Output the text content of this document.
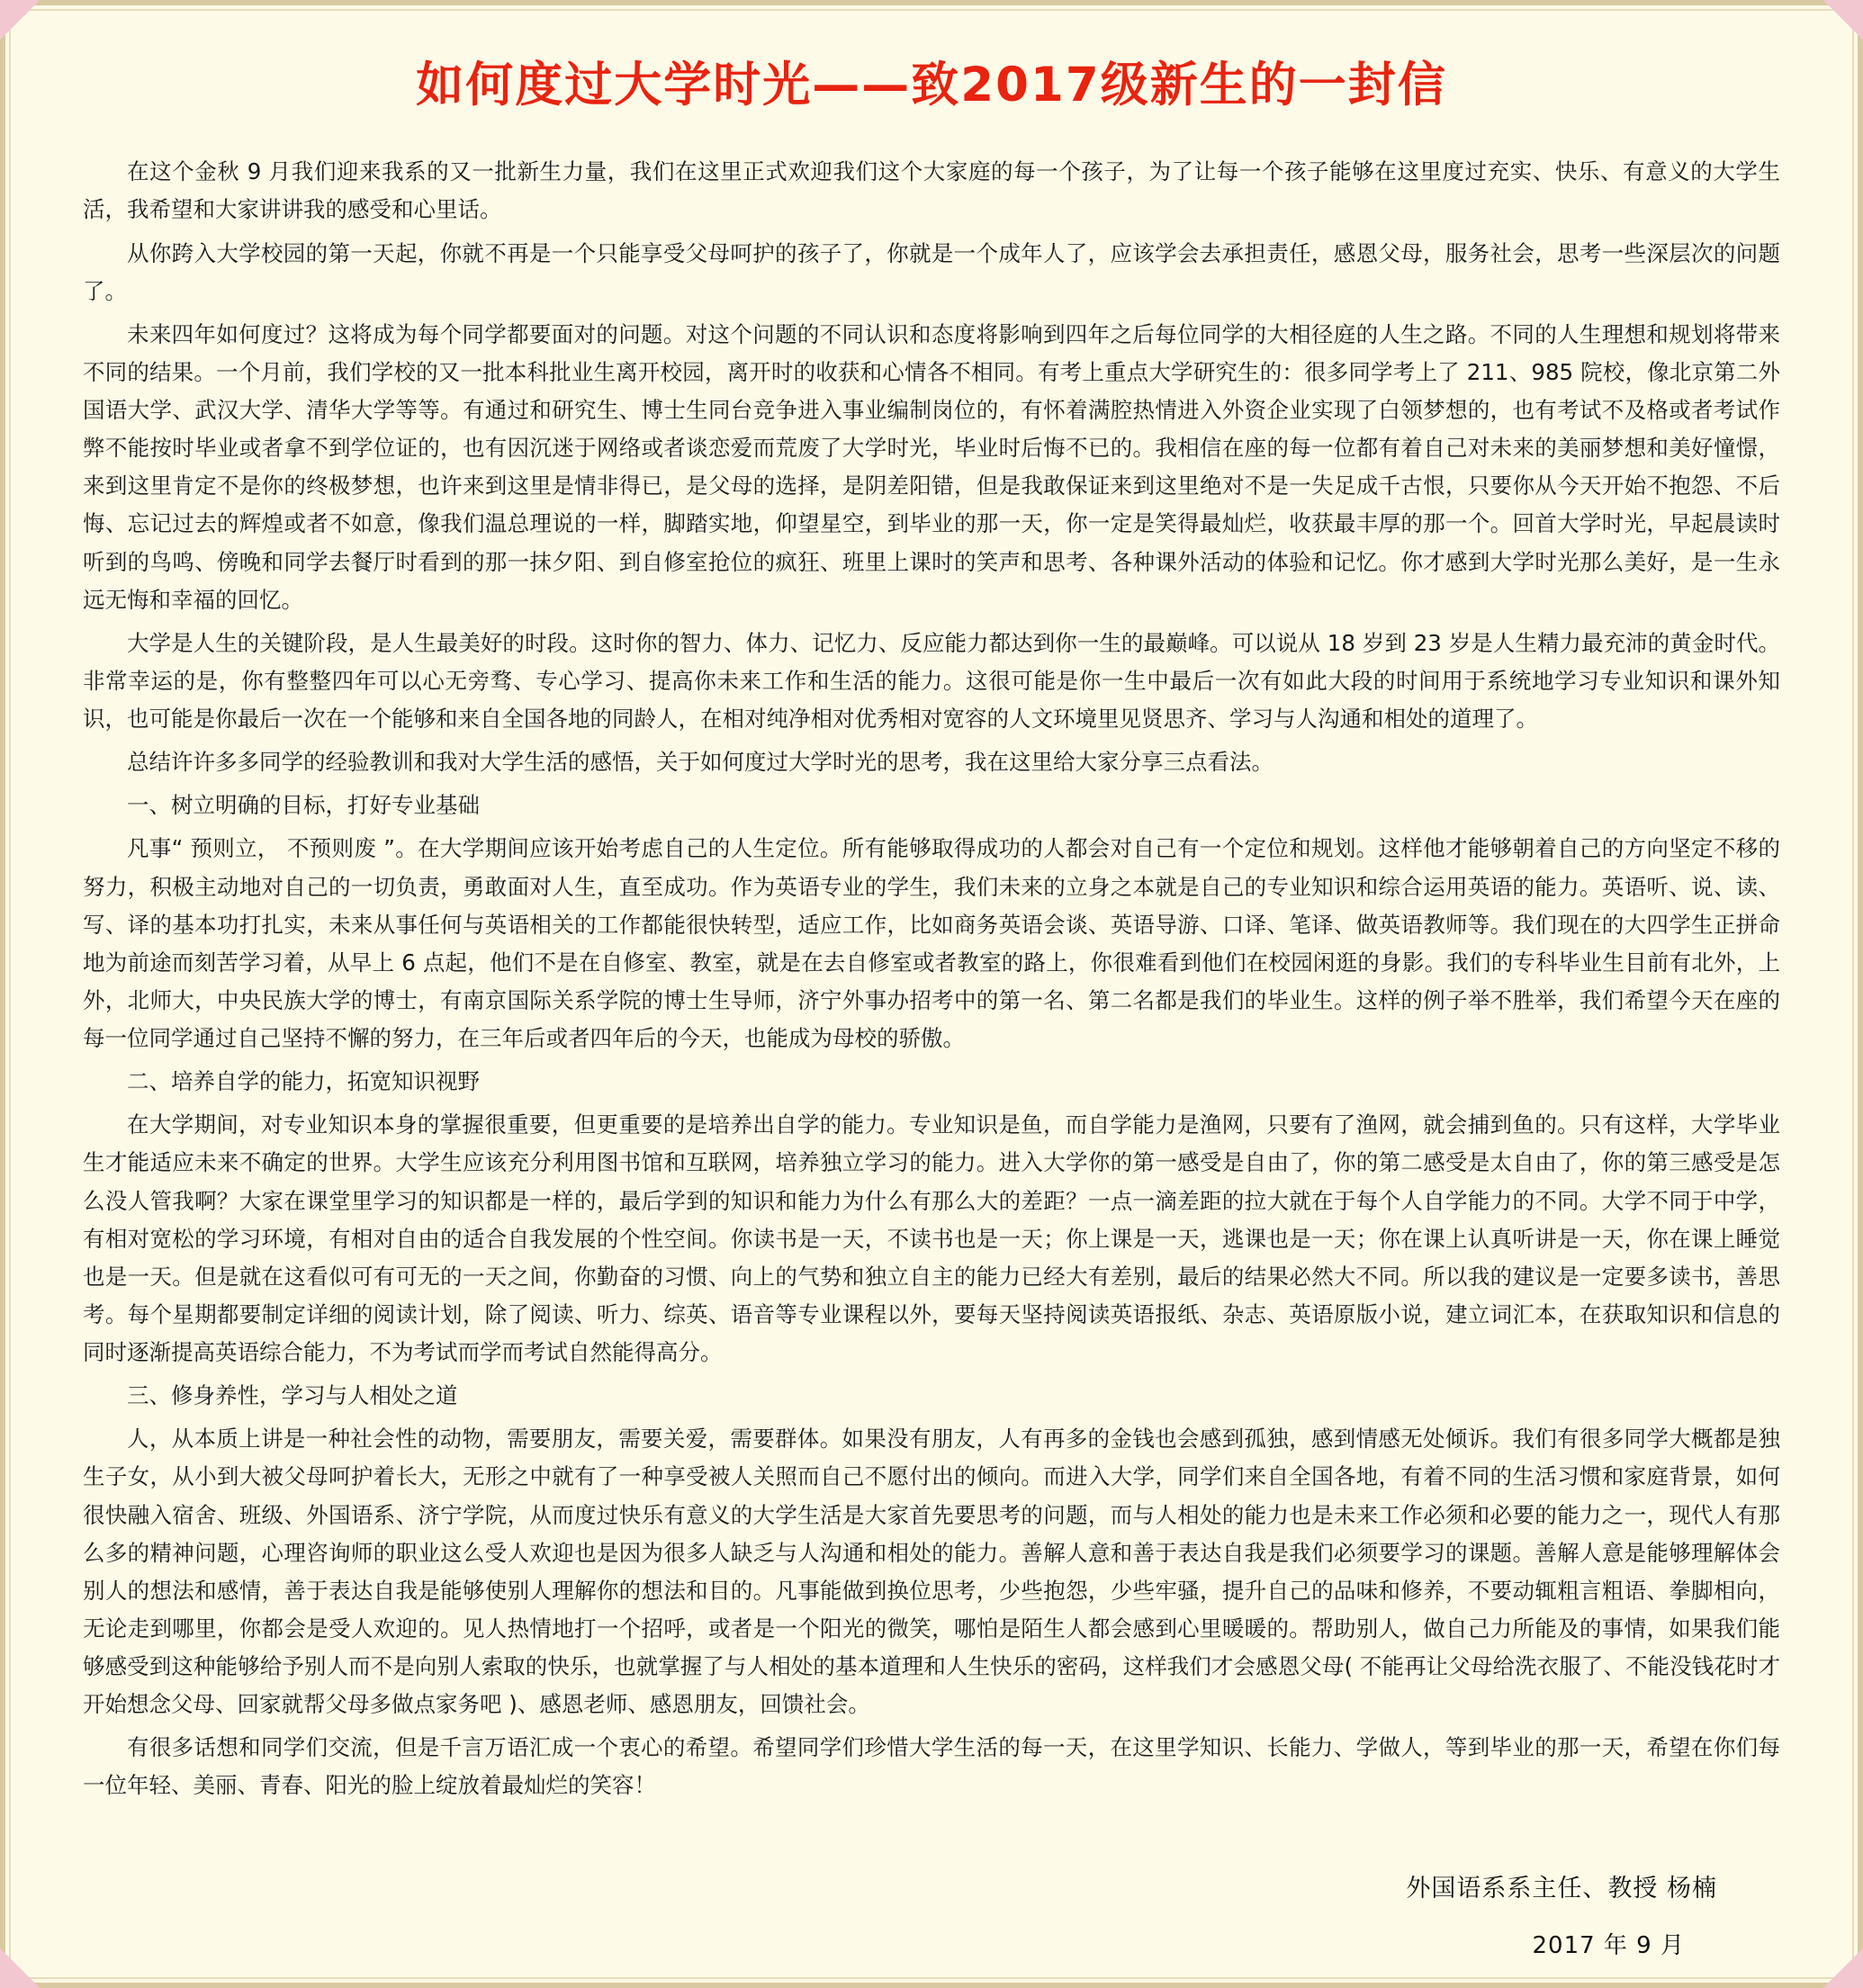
如何度过大学时光——致2017级新生的一封信

在这个金秋 9 月我们迎来我系的又一批新生力量，我们在这里正式欢迎我们这个大家庭的每一个孩子，为了让每一个孩子能够在这里度过充实、快乐、有意义的大学生活，我希望和大家讲讲我的感受和心里话。

从你跨入大学校园的第一天起，你就不再是一个只能享受父母呵护的孩子了，你就是一个成年人了，应该学会去承担责任，感恩父母，服务社会，思考一些深层次的问题了。

未来四年如何度过？这将成为每个同学都要面对的问题。对这个问题的不同认识和态度将影响到四年之后每位同学的大相径庭的人生之路。不同的人生理想和规划将带来不同的结果。一个月前，我们学校的又一批本科批业生离开校园，离开时的收获和心情各不相同。有考上重点大学研究生的：很多同学考上了 211、985 院校，像北京第二外国语大学、武汉大学、清华大学等等。有通过和研究生、博士生同台竞争进入事业编制岗位的，有怀着满腔热情进入外资企业实现了白领梦想的，也有考试不及格或者考试作弊不能按时毕业或者拿不到学位证的，也有因沉迷于网络或者谈恋爱而荒废了大学时光，毕业时后悔不已的。我相信在座的每一位都有着自己对未来的美丽梦想和美好憧憬，来到这里肯定不是你的终极梦想，也许来到这里是情非得已，是父母的选择，是阴差阳错，但是我敢保证来到这里绝对不是一失足成千古恨，只要你从今天开始不抱怨、不后悔、忘记过去的辉煌或者不如意，像我们温总理说的一样，脚踏实地，仰望星空，到毕业的那一天，你一定是笑得最灿烂，收获最丰厚的那一个。回首大学时光，早起晨读时听到的鸟鸣、傍晚和同学去餐厅时看到的那一抹夕阳、到自修室抢位的疯狂、班里上课时的笑声和思考、各种课外活动的体验和记忆。你才感到大学时光那么美好，是一生永远无悔和幸福的回忆。

大学是人生的关键阶段，是人生最美好的时段。这时你的智力、体力、记忆力、反应能力都达到你一生的最巅峰。可以说从 18 岁到 23 岁是人生精力最充沛的黄金时代。非常幸运的是，你有整整四年可以心无旁骛、专心学习、提高你未来工作和生活的能力。这很可能是你一生中最后一次有如此大段的时间用于系统地学习专业知识和课外知识，也可能是你最后一次在一个能够和来自全国各地的同龄人，在相对纯净相对优秀相对宽容的人文环境里见贤思齐、学习与人沟通和相处的道理了。

总结许许多多同学的经验教训和我对大学生活的感悟，关于如何度过大学时光的思考，我在这里给大家分享三点看法。

一、树立明确的目标，打好专业基础

凡事“ 预则立， 不预则废 ”。在大学期间应该开始考虑自己的人生定位。所有能够取得成功的人都会对自己有一个定位和规划。这样他才能够朝着自己的方向坚定不移的努力，积极主动地对自己的一切负责，勇敢面对人生，直至成功。作为英语专业的学生，我们未来的立身之本就是自己的专业知识和综合运用英语的能力。英语听、说、读、写、译的基本功打扎实，未来从事任何与英语相关的工作都能很快转型，适应工作，比如商务英语会谈、英语导游、口译、笔译、做英语教师等。我们现在的大四学生正拼命地为前途而刻苦学习着，从早上 6 点起，他们不是在自修室、教室，就是在去自修室或者教室的路上，你很难看到他们在校园闲逛的身影。我们的专科毕业生目前有北外，上外，北师大，中央民族大学的博士，有南京国际关系学院的博士生导师，济宁外事办招考中的第一名、第二名都是我们的毕业生。这样的例子举不胜举，我们希望今天在座的每一位同学通过自己坚持不懈的努力，在三年后或者四年后的今天，也能成为母校的骄傲。

二、培养自学的能力，拓宽知识视野

在大学期间，对专业知识本身的掌握很重要，但更重要的是培养出自学的能力。专业知识是鱼，而自学能力是渔网，只要有了渔网，就会捕到鱼的。只有这样，大学毕业生才能适应未来不确定的世界。大学生应该充分利用图书馆和互联网，培养独立学习的能力。进入大学你的第一感受是自由了，你的第二感受是太自由了，你的第三感受是怎么没人管我啊？大家在课堂里学习的知识都是一样的，最后学到的知识和能力为什么有那么大的差距？一点一滴差距的拉大就在于每个人自学能力的不同。大学不同于中学，有相对宽松的学习环境，有相对自由的适合自我发展的个性空间。你读书是一天，不读书也是一天；你上课是一天，逃课也是一天；你在课上认真听讲是一天，你在课上睡觉也是一天。但是就在这看似可有可无的一天之间，你勤奋的习惯、向上的气势和独立自主的能力已经大有差别，最后的结果必然大不同。所以我的建议是一定要多读书，善思考。每个星期都要制定详细的阅读计划，除了阅读、听力、综英、语音等专业课程以外，要每天坚持阅读英语报纸、杂志、英语原版小说，建立词汇本，在获取知识和信息的同时逐渐提高英语综合能力，不为考试而学而考试自然能得高分。

三、修身养性，学习与人相处之道

人，从本质上讲是一种社会性的动物，需要朋友，需要关爱，需要群体。如果没有朋友，人有再多的金钱也会感到孤独，感到情感无处倾诉。我们有很多同学大概都是独生子女，从小到大被父母呵护着长大，无形之中就有了一种享受被人关照而自己不愿付出的倾向。而进入大学，同学们来自全国各地，有着不同的生活习惯和家庭背景，如何很快融入宿舍、班级、外国语系、济宁学院，从而度过快乐有意义的大学生活是大家首先要思考的问题，而与人相处的能力也是未来工作必须和必要的能力之一，现代人有那么多的精神问题，心理咨询师的职业这么受人欢迎也是因为很多人缺乏与人沟通和相处的能力。善解人意和善于表达自我是我们必须要学习的课题。善解人意是能够理解体会别人的想法和感情，善于表达自我是能够使别人理解你的想法和目的。凡事能做到换位思考，少些抱怨，少些牢骚，提升自己的品味和修养，不要动辄粗言粗语、拳脚相向，无论走到哪里，你都会是受人欢迎的。见人热情地打一个招呼，或者是一个阳光的微笑，哪怕是陌生人都会感到心里暖暖的。帮助别人，做自己力所能及的事情，如果我们能够感受到这种能够给予别人而不是向别人索取的快乐，也就掌握了与人相处的基本道理和人生快乐的密码，这样我们才会感恩父母( 不能再让父母给洗衣服了、不能没钱花时才开始想念父母、回家就帮父母多做点家务吧 )、感恩老师、感恩朋友，回馈社会。

有很多话想和同学们交流，但是千言万语汇成一个衷心的希望。希望同学们珍惜大学生活的每一天，在这里学知识、长能力、学做人，等到毕业的那一天，希望在你们每一位年轻、美丽、青春、阳光的脸上绽放着最灿烂的笑容！

外国语系系主任、教授 杨楠
2017 年 9 月
